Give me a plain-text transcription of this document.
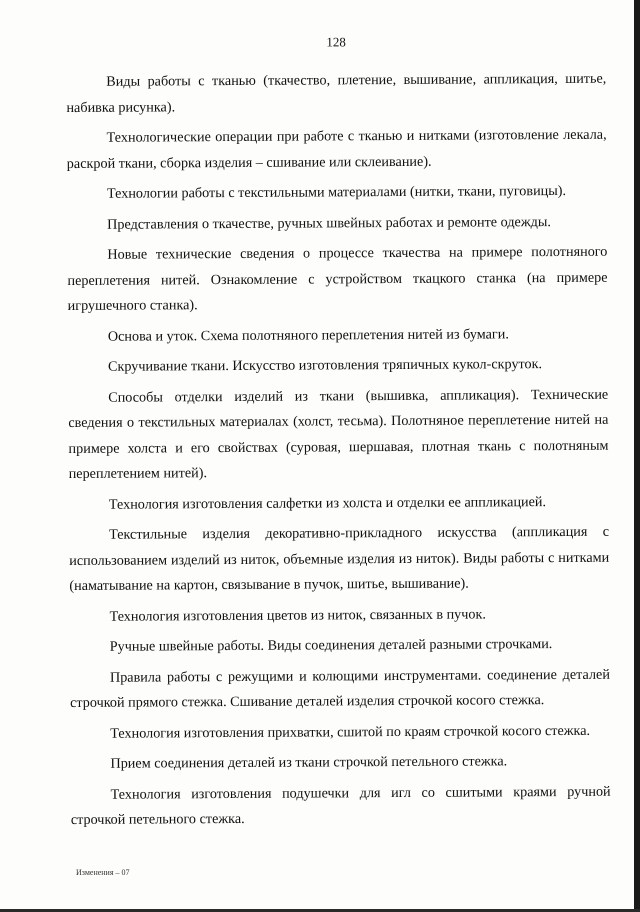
128

Виды работы с тканью (ткачество, плетение, вышивание, аппликация, шитье, набивка рисунка).

Технологические операции при работе с тканью и нитками (изготовление лекала, раскрой ткани, сборка изделия – сшивание или склеивание).

Технологии работы с текстильными материалами (нитки, ткани, пуговицы).

Представления о ткачестве, ручных швейных работах и ремонте одежды.

Новые технические сведения о процессе ткачества на примере полотняного переплетения нитей. Ознакомление с устройством ткацкого станка (на примере игрушечного станка).

Основа и уток. Схема полотняного переплетения нитей из бумаги.

Скручивание ткани. Искусство изготовления тряпичных кукол-скруток.

Способы отделки изделий из ткани (вышивка, аппликация). Технические сведения о текстильных материалах (холст, тесьма). Полотняное переплетение нитей на примере холста и его свойствах (суровая, шершавая, плотная ткань с полотняным переплетением нитей).

Технология изготовления салфетки из холста и отделки ее аппликацией.

Текстильные изделия декоративно-прикладного искусства (аппликация с использованием изделий из ниток, объемные изделия из ниток). Виды работы с нитками (наматывание на картон, связывание в пучок, шитье, вышивание).

Технология изготовления цветов из ниток, связанных в пучок.

Ручные швейные работы. Виды соединения деталей разными строчками.

Правила работы с режущими и колющими инструментами. соединение деталей строчкой прямого стежка. Сшивание деталей изделия строчкой косого стежка.

Технология изготовления прихватки, сшитой по краям строчкой косого стежка.

Прием соединения деталей из ткани строчкой петельного стежка.

Технология изготовления подушечки для игл со сшитыми краями ручной строчкой петельного стежка.

Изменения – 07
